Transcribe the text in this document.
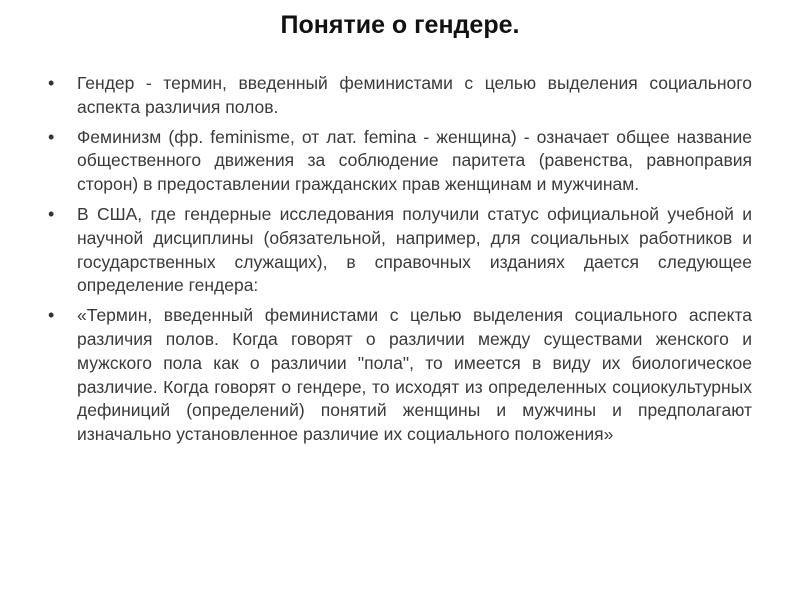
Понятие о гендере.
• Гендер - термин, введенный феминистами с целью выделения социального аспекта различия полов.
• Феминизм (фр. feminisme, от лат. femina - женщина) - означает общее название общественного движения за соблюдение паритета (равенства, равноправия сторон) в предоставлении гражданских прав женщинам и мужчинам.
• В США, где гендерные исследования получили статус официальной учебной и научной дисциплины (обязательной, например, для социальных работников и государственных служащих), в справочных изданиях дается следующее определение гендера:
• «Термин, введенный феминистами с целью выделения социального аспекта различия полов. Когда говорят о различии между существами женского и мужского пола как о различии "пола", то имеется в виду их биологическое различие. Когда говорят о гендере, то исходят из определенных социокультурных дефиниций (определений) понятий женщины и мужчины и предполагают изначально установленное различие их социального положения»
